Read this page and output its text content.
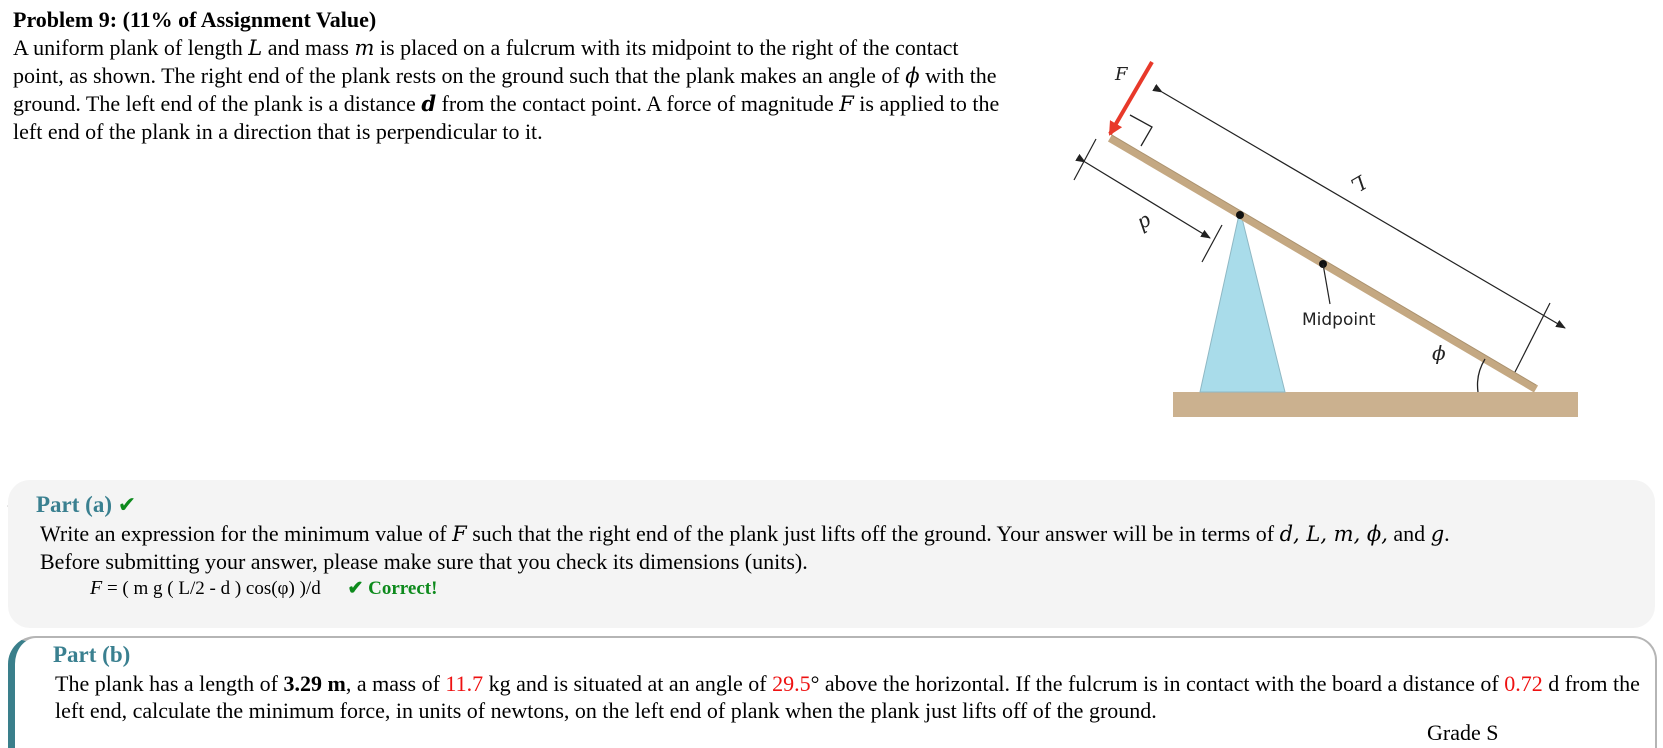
Problem 9: (11% of Assignment Value)

A uniform plank of length L and mass m is placed on a fulcrum with its midpoint to the right of the contact point, as shown. The right end of the plank rests on the ground such that the plank makes an angle of ϕ with the ground. The left end of the plank is a distance d from the contact point. A force of magnitude F is applied to the left end of the plank in a direction that is perpendicular to it.

Midpoint
L
d
F
ϕ
Part (a) ✔

Write an expression for the minimum value of F such that the right end of the plank just lifts off the ground. Your answer will be in terms of d, L, m, ϕ, and g.

Before submitting your answer, please make sure that you check its dimensions (units).

F = ( m g ( L/2 - d ) cos(φ) )/d ✔ Correct!
Part (b)

The plank has a length of 3.29 m, a mass of 11.7 kg and is situated at an angle of 29.5° above the horizontal. If the fulcrum is in contact with the board a distance of 0.72 d from the left end, calculate the minimum force, in units of newtons, on the left end of plank when the plank just lifts off of the ground.

Grade S
